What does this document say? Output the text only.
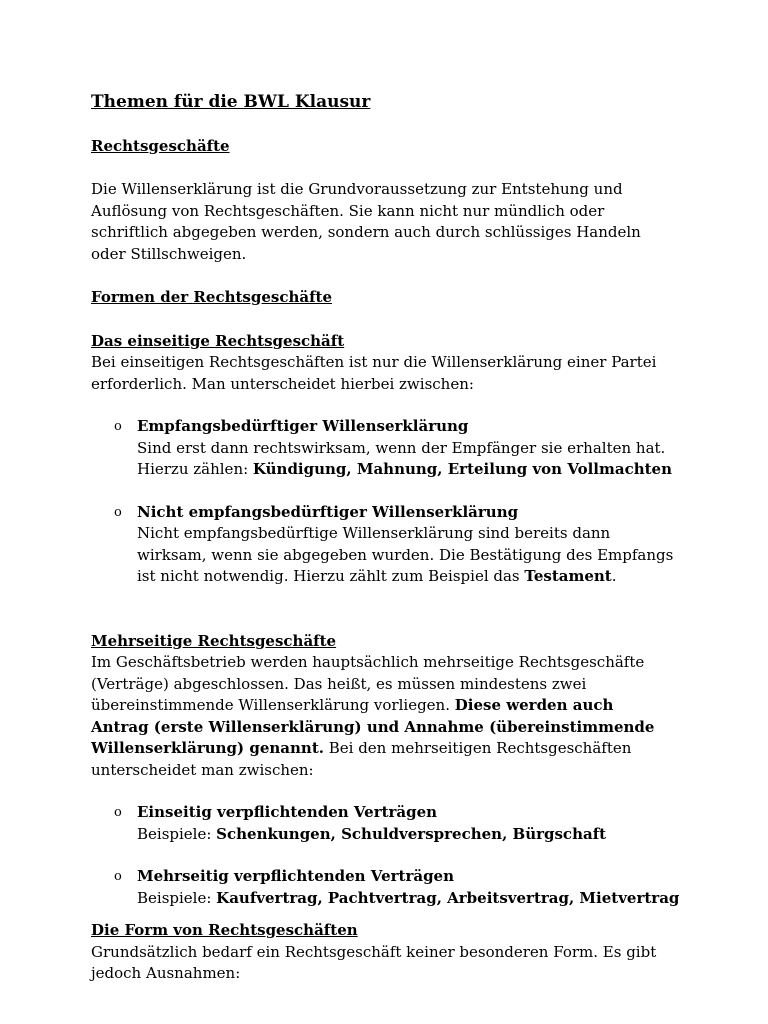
Themen für die BWL Klausur
Rechtsgeschäfte
Die Willenserklärung ist die Grundvoraussetzung zur Entstehung und
Auflösung von Rechtsgeschäften. Sie kann nicht nur mündlich oder
schriftlich abgegeben werden, sondern auch durch schlüssiges Handeln
oder Stillschweigen.
Formen der Rechtsgeschäfte
Das einseitige Rechtsgeschäft
Bei einseitigen Rechtsgeschäften ist nur die Willenserklärung einer Partei
erforderlich. Man unterscheidet hierbei zwischen:
o Empfangsbedürftiger Willenserklärung
Sind erst dann rechtswirksam, wenn der Empfänger sie erhalten hat.
Hierzu zählen: Kündigung, Mahnung, Erteilung von Vollmachten
o Nicht empfangsbedürftiger Willenserklärung
Nicht empfangsbedürftige Willenserklärung sind bereits dann
wirksam, wenn sie abgegeben wurden. Die Bestätigung des Empfangs
ist nicht notwendig. Hierzu zählt zum Beispiel das Testament.
Mehrseitige Rechtsgeschäfte
Im Geschäftsbetrieb werden hauptsächlich mehrseitige Rechtsgeschäfte
(Verträge) abgeschlossen. Das heißt, es müssen mindestens zwei
übereinstimmende Willenserklärung vorliegen. Diese werden auch
Antrag (erste Willenserklärung) und Annahme (übereinstimmende
Willenserklärung) genannt. Bei den mehrseitigen Rechtsgeschäften
unterscheidet man zwischen:
o Einseitig verpflichtenden Verträgen
Beispiele: Schenkungen, Schuldversprechen, Bürgschaft
o Mehrseitig verpflichtenden Verträgen
Beispiele: Kaufvertrag, Pachtvertrag, Arbeitsvertrag, Mietvertrag
Die Form von Rechtsgeschäften
Grundsätzlich bedarf ein Rechtsgeschäft keiner besonderen Form. Es gibt
jedoch Ausnahmen:
